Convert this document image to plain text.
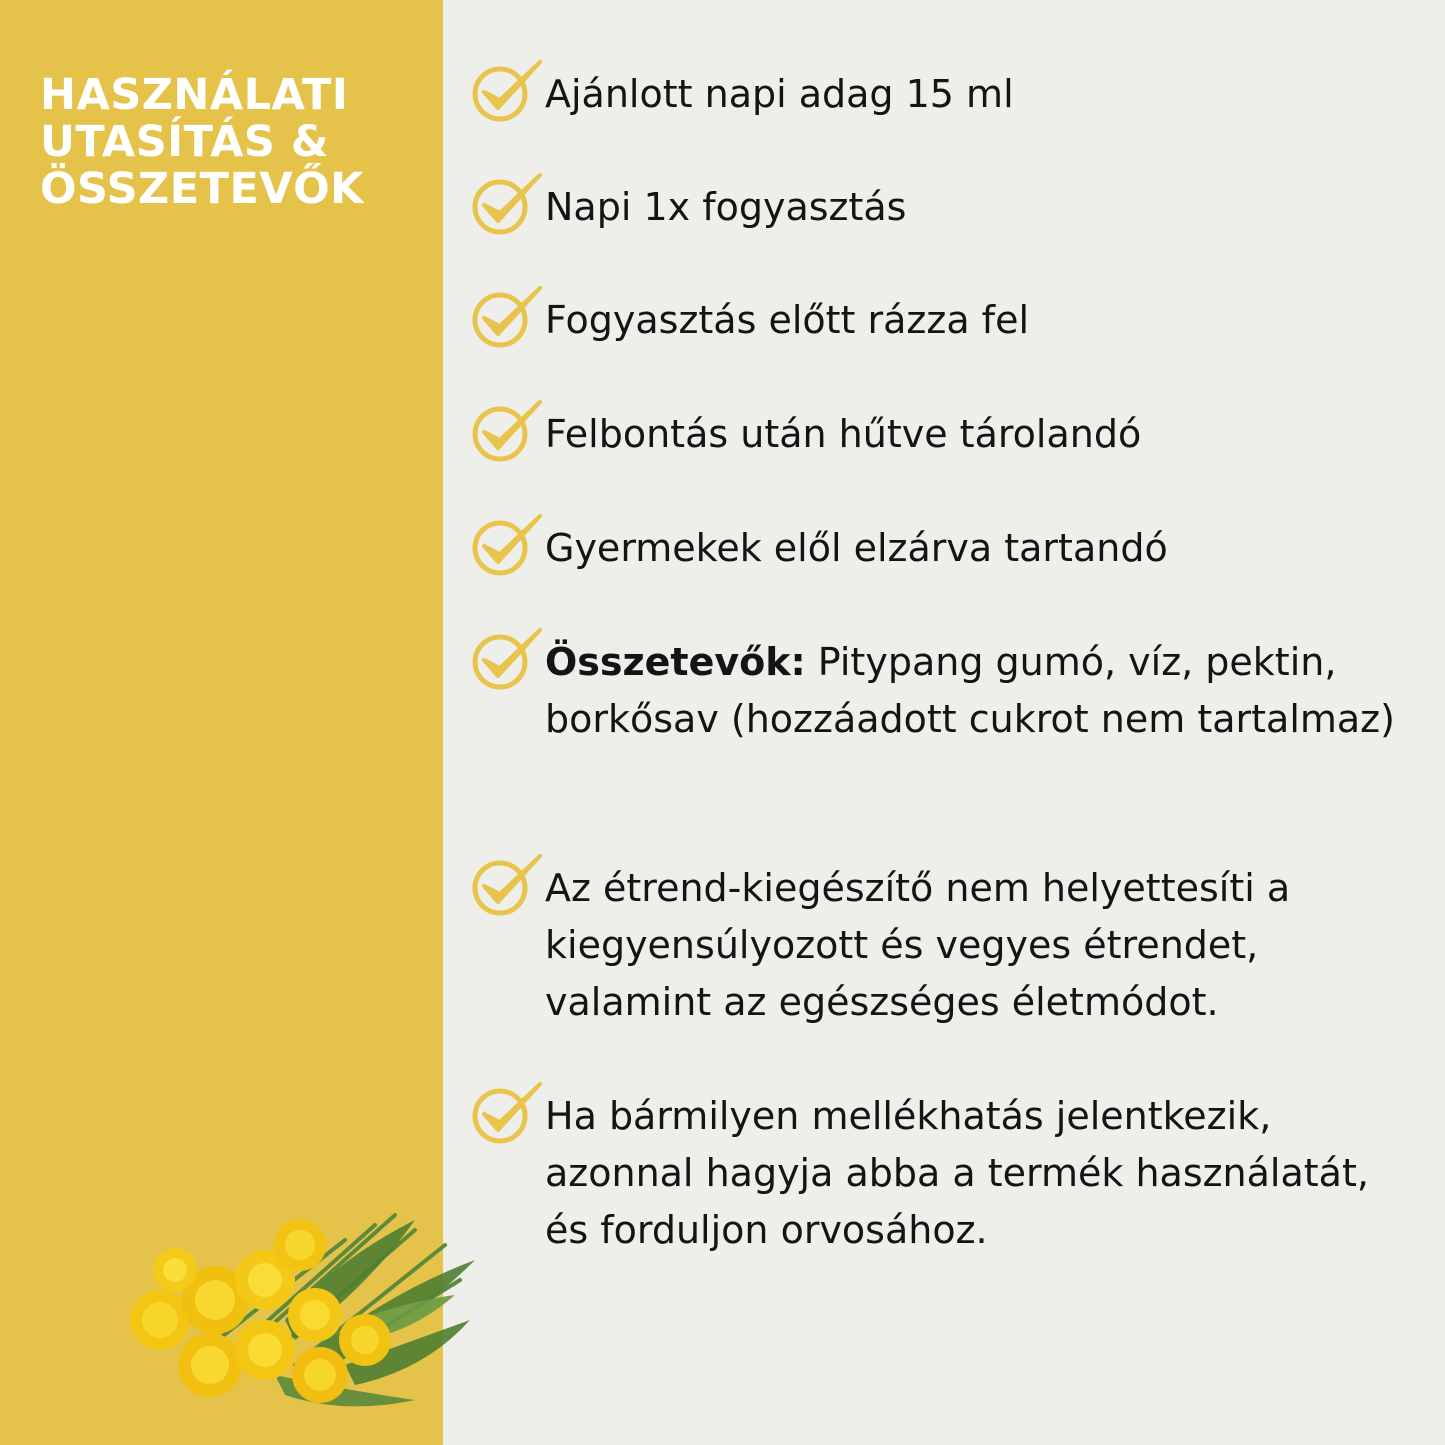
HASZNÁLATI
UTASÍTÁS &
ÖSSZETEVŐK

Ajánlott napi adag 15 ml

Napi 1x fogyasztás

Fogyasztás előtt rázza fel

Felbontás után hűtve tárolandó

Gyermekek elől elzárva tartandó

Összetevők: Pitypang gumó, víz, pektin, borkősav (hozzáadott cukrot nem tartalmaz)

Az étrend-kiegészítő nem helyettesíti a kiegyensúlyozott és vegyes étrendet, valamint az egészséges életmódot.

Ha bármilyen mellékhatás jelentkezik, azonnal hagyja abba a termék használatát, és forduljon orvosához.
